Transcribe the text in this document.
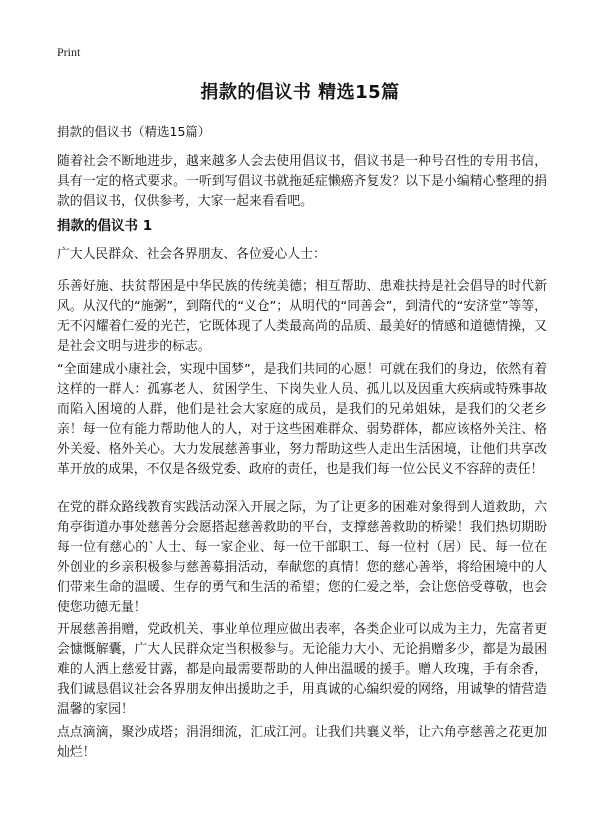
Print
捐款的倡议书 精选15篇
捐款的倡议书（精选15篇）

随着社会不断地进步，越来越多人会去使用倡议书，倡议书是一种号召性的专用书信，具有一定的格式要求。一听到写倡议书就拖延症懒癌齐复发？以下是小编精心整理的捐款的倡议书，仅供参考，大家一起来看看吧。

捐款的倡议书 1

广大人民群众、社会各界朋友、各位爱心人士：

乐善好施、扶贫帮困是中华民族的传统美德；相互帮助、患难扶持是社会倡导的时代新风。从汉代的“施粥”，到隋代的“义仓”；从明代的“同善会”，到清代的“安济堂”等等，无不闪耀着仁爱的光芒，它既体现了人类最高尚的品质、最美好的情感和道德情操，又是社会文明与进步的标志。

“全面建成小康社会，实现中国梦”，是我们共同的心愿！可就在我们的身边，依然有着这样的一群人：孤寡老人、贫困学生、下岗失业人员、孤儿以及因重大疾病或特殊事故而陷入困境的人群，他们是社会大家庭的成员，是我们的兄弟姐妹，是我们的父老乡亲！每一位有能力帮助他人的人，对于这些困难群众、弱势群体，都应该格外关注、格外关爱、格外关心。大力发展慈善事业，努力帮助这些人走出生活困境，让他们共享改革开放的成果，不仅是各级党委、政府的责任，也是我们每一位公民义不容辞的责任！

在党的群众路线教育实践活动深入开展之际，为了让更多的困难对象得到人道救助，六角亭街道办事处慈善分会愿搭起慈善救助的平台，支撑慈善救助的桥梁！我们热切期盼每一位有慈心的`人士、每一家企业、每一位干部职工、每一位村（居）民、每一位在外创业的乡亲积极参与慈善募捐活动，奉献您的真情！您的慈心善举，将给困境中的人们带来生命的温暖、生存的勇气和生活的希望；您的仁爱之举，会让您倍受尊敬，也会使您功德无量！

开展慈善捐赠，党政机关、事业单位理应做出表率，各类企业可以成为主力，先富者更会慷慨解囊，广大人民群众定当积极参与。无论能力大小、无论捐赠多少，都是为最困难的人洒上慈爱甘露，都是向最需要帮助的人伸出温暖的援手。赠人玫瑰，手有余香，我们诚恳倡议社会各界朋友伸出援助之手，用真诚的心编织爱的网络，用诚挚的情营造温馨的家园！

点点滴滴，聚沙成塔；涓涓细流，汇成江河。让我们共襄义举，让六角亭慈善之花更加灿烂！
